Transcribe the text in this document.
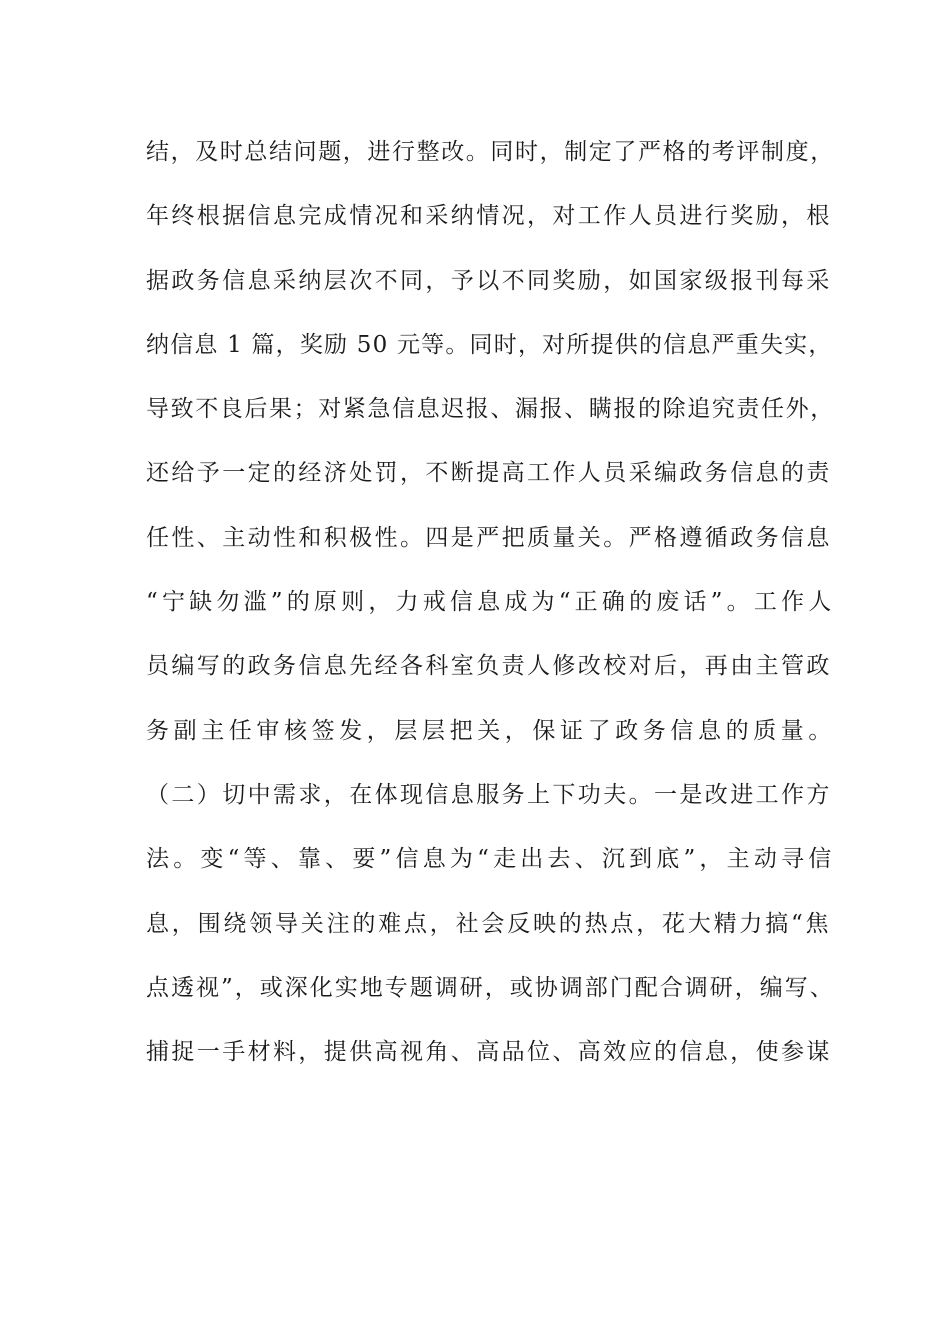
结，及时总结问题，进行整改。同时，制定了严格的考评制度，
年终根据信息完成情况和采纳情况，对工作人员进行奖励，根
据政务信息采纳层次不同，予以不同奖励，如国家级报刊每采
纳信息 1 篇，奖励 50 元等。同时，对所提供的信息严重失实，
导致不良后果；对紧急信息迟报、漏报、瞒报的除追究责任外，
还给予一定的经济处罚，不断提高工作人员采编政务信息的责
任性、主动性和积极性。四是严把质量关。严格遵循政务信息
“宁缺勿滥”的原则，力戒信息成为“正确的废话”。工作人
员编写的政务信息先经各科室负责人修改校对后，再由主管政
务副主任审核签发，层层把关，保证了政务信息的质量。
（二）切中需求，在体现信息服务上下功夫。一是改进工作方
法。变“等、靠、要”信息为“走出去、沉到底”，主动寻信
息，围绕领导关注的难点，社会反映的热点，花大精力搞“焦
点透视”，或深化实地专题调研，或协调部门配合调研，编写、
捕捉一手材料，提供高视角、高品位、高效应的信息，使参谋
